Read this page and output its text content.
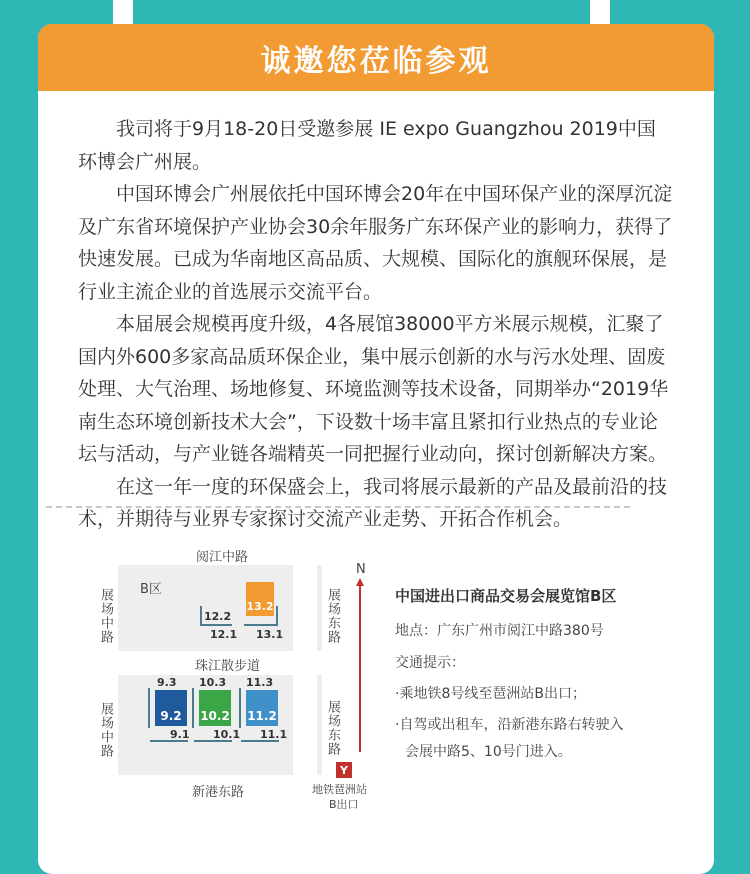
诚邀您莅临参观

我司将于9月18-20日受邀参展 IE expo Guangzhou 2019中国环博会广州展。

中国环博会广州展依托中国环博会20年在中国环保产业的深厚沉淀及广东省环境保护产业协会30余年服务广东环保产业的影响力，获得了快速发展。已成为华南地区高品质、大规模、国际化的旗舰环保展，是行业主流企业的首选展示交流平台。

本届展会规模再度升级，4各展馆38000平方米展示规模，汇聚了国内外600多家高品质环保企业，集中展示创新的水与污水处理、固废处理、大气治理、场地修复、环境监测等技术设备，同期举办“2019华南生态环境创新技术大会”，下设数十场丰富且紧扣行业热点的专业论坛与活动，与产业链各端精英一同把握行业动向，探讨创新解决方案。

在这一年一度的环保盛会上，我司将展示最新的产品及最前沿的技术，并期待与业界专家探讨交流产业走势、开拓合作机会。

阅江中路
新港东路
珠江散步道
展场中路
展场中路
展场东路
展场东路
B区
13.2
12.2
12.1 13.1
9.3 10.3 11.3
9.2 10.2 11.2
9.1 10.1 11.1
N
Y
地铁琶洲站
B出口
中国进出口商品交易会展览馆B区
地点：广东广州市阅江中路380号
交通提示：
·乘地铁8号线至琶洲站B出口；
·自驾或出租车，沿新港东路右转驶入
会展中路5、10号门进入。
